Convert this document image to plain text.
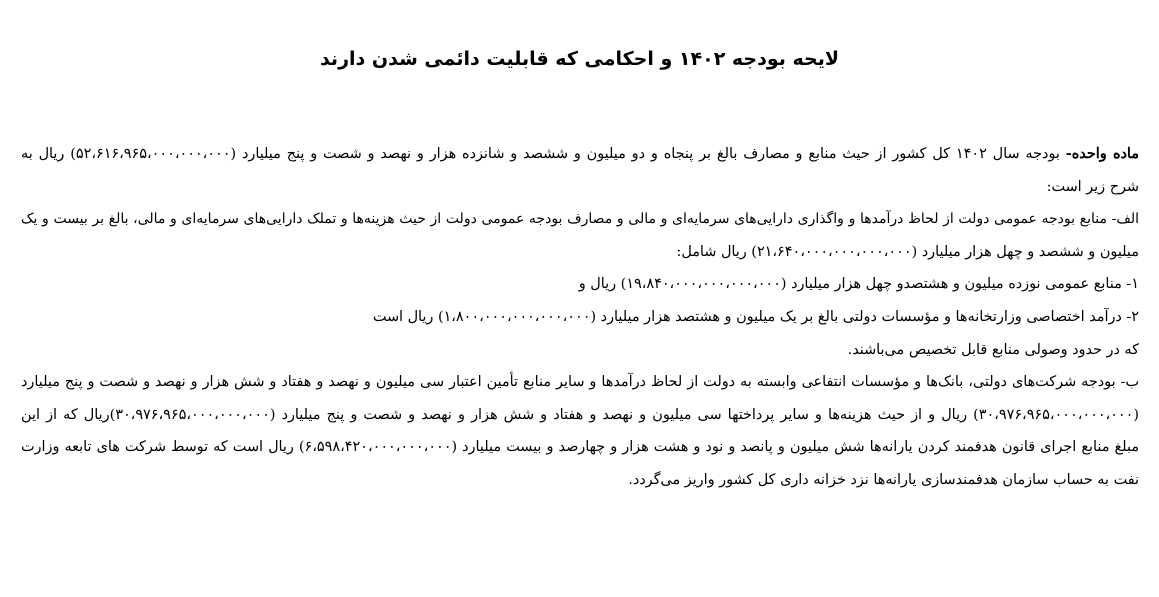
لایحه بودجه ۱۴۰۲ و احکامی که قابلیت دائمی شدن دارند
ماده واحده- بودجه سال ۱۴۰۲ کل کشور از حیث منابع و مصارف بالغ بر پنجاه و دو میلیون و ششصد و شانزده هزار و نهصد و شصت و پنج میلیارد (۵۲،۶۱۶،۹۶۵،۰۰۰،۰۰۰،۰۰۰) ریال به
شرح زیر است:
الف- منابع بودجه عمومی دولت از لحاظ درآمدها و واگذاری دارایی‌های سرمایه‌ای و مالی و مصارف بودجه عمومی دولت از حیث هزینه‌ها و تملک دارایی‌های سرمایه‌ای و مالی، بالغ بر بیست و یک
میلیون و ششصد و چهل هزار میلیارد (۲۱،۶۴۰،۰۰۰،۰۰۰،۰۰۰،۰۰۰) ریال شامل:
۱- منابع عمومی نوزده میلیون و هشتصدو چهل هزار میلیارد (۱۹،۸۴۰،۰۰۰،۰۰۰،۰۰۰،۰۰۰) ریال و
۲- درآمد اختصاصی وزارتخانه‌ها و مؤسسات دولتی بالغ بر یک میلیون و هشتصد هزار میلیارد (۱،۸۰۰،۰۰۰،۰۰۰،۰۰۰،۰۰۰) ریال است
که در حدود وصولی منابع قابل تخصیص می‌باشند.
ب- بودجه شرکت‌های دولتی، بانک‌ها و مؤسسات انتفاعی وابسته به دولت از لحاظ درآمدها و سایر منابع تأمین اعتبار سی میلیون و نهصد و هفتاد و شش هزار و نهصد و شصت و پنج میلیارد
(۳۰،۹۷۶،۹۶۵،۰۰۰،۰۰۰،۰۰۰) ریال و از حیث هزینه‌ها و سایر پرداختها سی میلیون و نهصد و هفتاد و شش هزار و نهصد و شصت و پنج میلیارد (۳۰،۹۷۶،۹۶۵،۰۰۰،۰۰۰،۰۰۰)ریال که از این
مبلغ منابع اجرای قانون هدفمند کردن یارانه‌ها شش میلیون و پانصد و نود و هشت هزار و چهارصد و بیست میلیارد (۶،۵۹۸،۴۲۰،۰۰۰،۰۰۰،۰۰۰) ریال است که توسط شرکت های تابعه وزارت
نفت به حساب سازمان هدفمندسازی یارانه‌ها نزد خزانه داری کل کشور واریز می‌گردد.
